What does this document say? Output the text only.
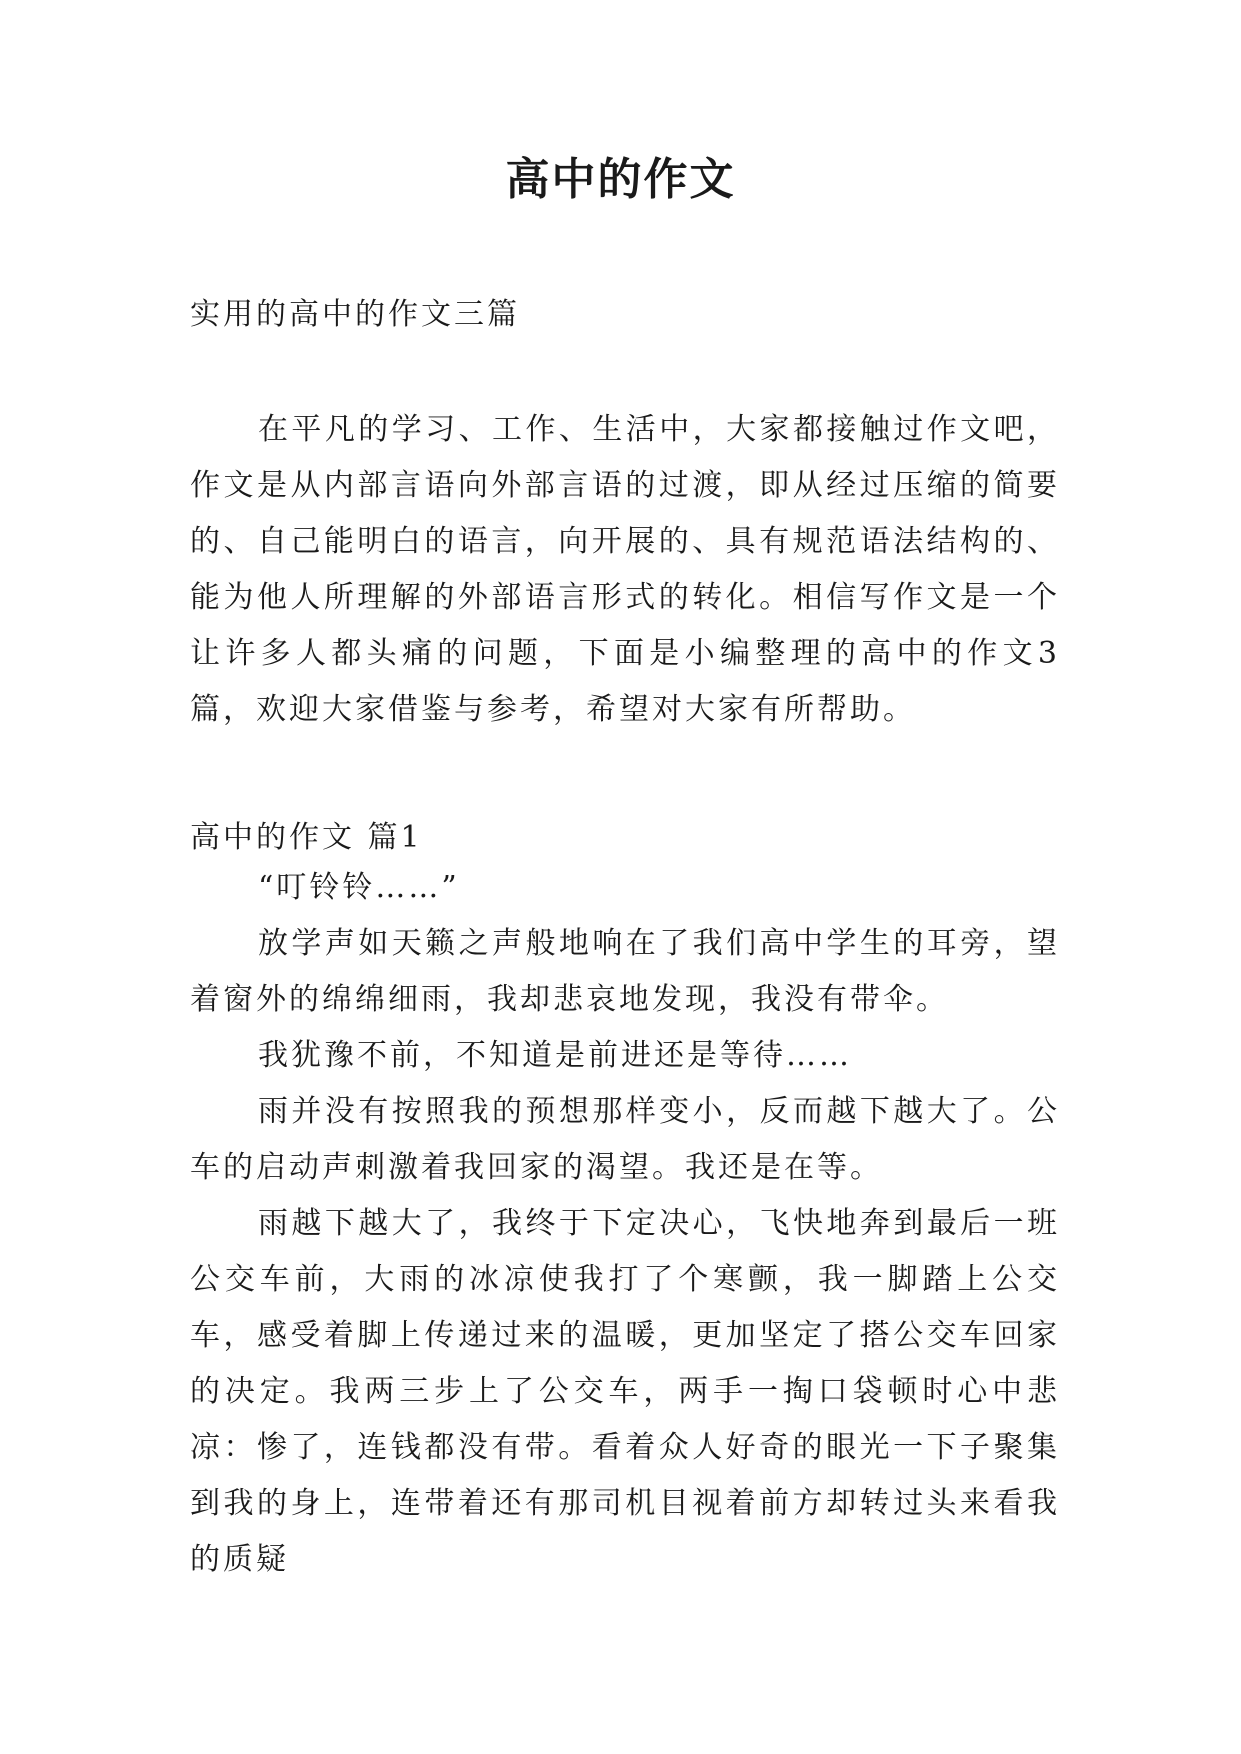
高中的作文
实用的高中的作文三篇
在平凡的学习、工作、生活中，大家都接触过作文吧，作文是从内部言语向外部言语的过渡，即从经过压缩的简要的、自己能明白的语言，向开展的、具有规范语法结构的、能为他人所理解的外部语言形式的转化。相信写作文是一个让许多人都头痛的问题，下面是小编整理的高中的作文3篇，欢迎大家借鉴与参考，希望对大家有所帮助。
高中的作文 篇1

“叮铃铃……”

放学声如天籁之声般地响在了我们高中学生的耳旁，望着窗外的绵绵细雨，我却悲哀地发现，我没有带伞。

我犹豫不前，不知道是前进还是等待……

雨并没有按照我的预想那样变小，反而越下越大了。公车的启动声刺激着我回家的渴望。我还是在等。

雨越下越大了，我终于下定决心，飞快地奔到最后一班公交车前，大雨的冰凉使我打了个寒颤，我一脚踏上公交车，感受着脚上传递过来的温暖，更加坚定了搭公交车回家的决定。我两三步上了公交车，两手一掏口袋顿时心中悲凉：惨了，连钱都没有带。看着众人好奇的眼光一下子聚集到我的身上，连带着还有那司机目视着前方却转过头来看我的质疑
